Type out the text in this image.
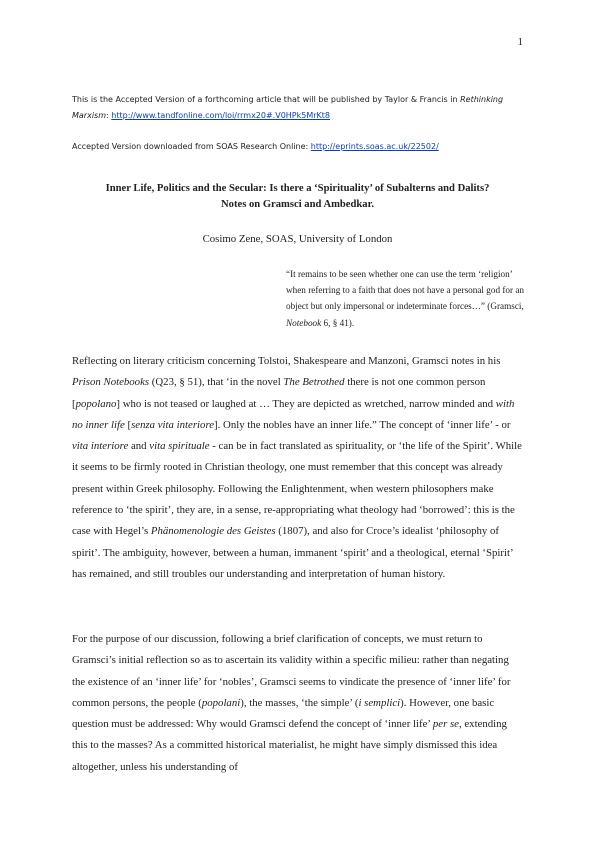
1
This is the Accepted Version of a forthcoming article that will be published by Taylor & Francis in Rethinking Marxism: http://www.tandfonline.com/loi/rrmx20#.V0HPk5MrKt8
Accepted Version downloaded from SOAS Research Online: http://eprints.soas.ac.uk/22502/
Inner Life, Politics and the Secular: Is there a ‘Spirituality’ of Subalterns and Dalits?
Notes on Gramsci and Ambedkar.
Cosimo Zene, SOAS, University of London
“It remains to be seen whether one can use the term ‘religion’ when referring to a faith that does not have a personal god for an object but only impersonal or indeterminate forces…” (Gramsci, Notebook 6, § 41).
Reflecting on literary criticism concerning Tolstoi, Shakespeare and Manzoni, Gramsci notes in his Prison Notebooks (Q23, § 51), that ‘in the novel The Betrothed there is not one common person [popolano] who is not teased or laughed at … They are depicted as wretched, narrow minded and with no inner life [senza vita interiore]. Only the nobles have an inner life.” The concept of ‘inner life’ - or vita interiore and vita spirituale - can be in fact translated as spirituality, or ‘the life of the Spirit’. While it seems to be firmly rooted in Christian theology, one must remember that this concept was already present within Greek philosophy. Following the Enlightenment, when western philosophers make reference to ‘the spirit’, they are, in a sense, re-appropriating what theology had ‘borrowed’: this is the case with Hegel’s Phänomenologie des Geistes (1807), and also for Croce’s idealist ‘philosophy of spirit’. The ambiguity, however, between a human, immanent ‘spirit’ and a theological, eternal ‘Spirit’ has remained, and still troubles our understanding and interpretation of human history.
For the purpose of our discussion, following a brief clarification of concepts, we must return to Gramsci’s initial reflection so as to ascertain its validity within a specific milieu: rather than negating the existence of an ‘inner life’ for ‘nobles’, Gramsci seems to vindicate the presence of ‘inner life’ for common persons, the people (popolani), the masses, ‘the simple’ (i semplici). However, one basic question must be addressed: Why would Gramsci defend the concept of ‘inner life’ per se, extending this to the masses? As a committed historical materialist, he might have simply dismissed this idea altogether, unless his understanding of
